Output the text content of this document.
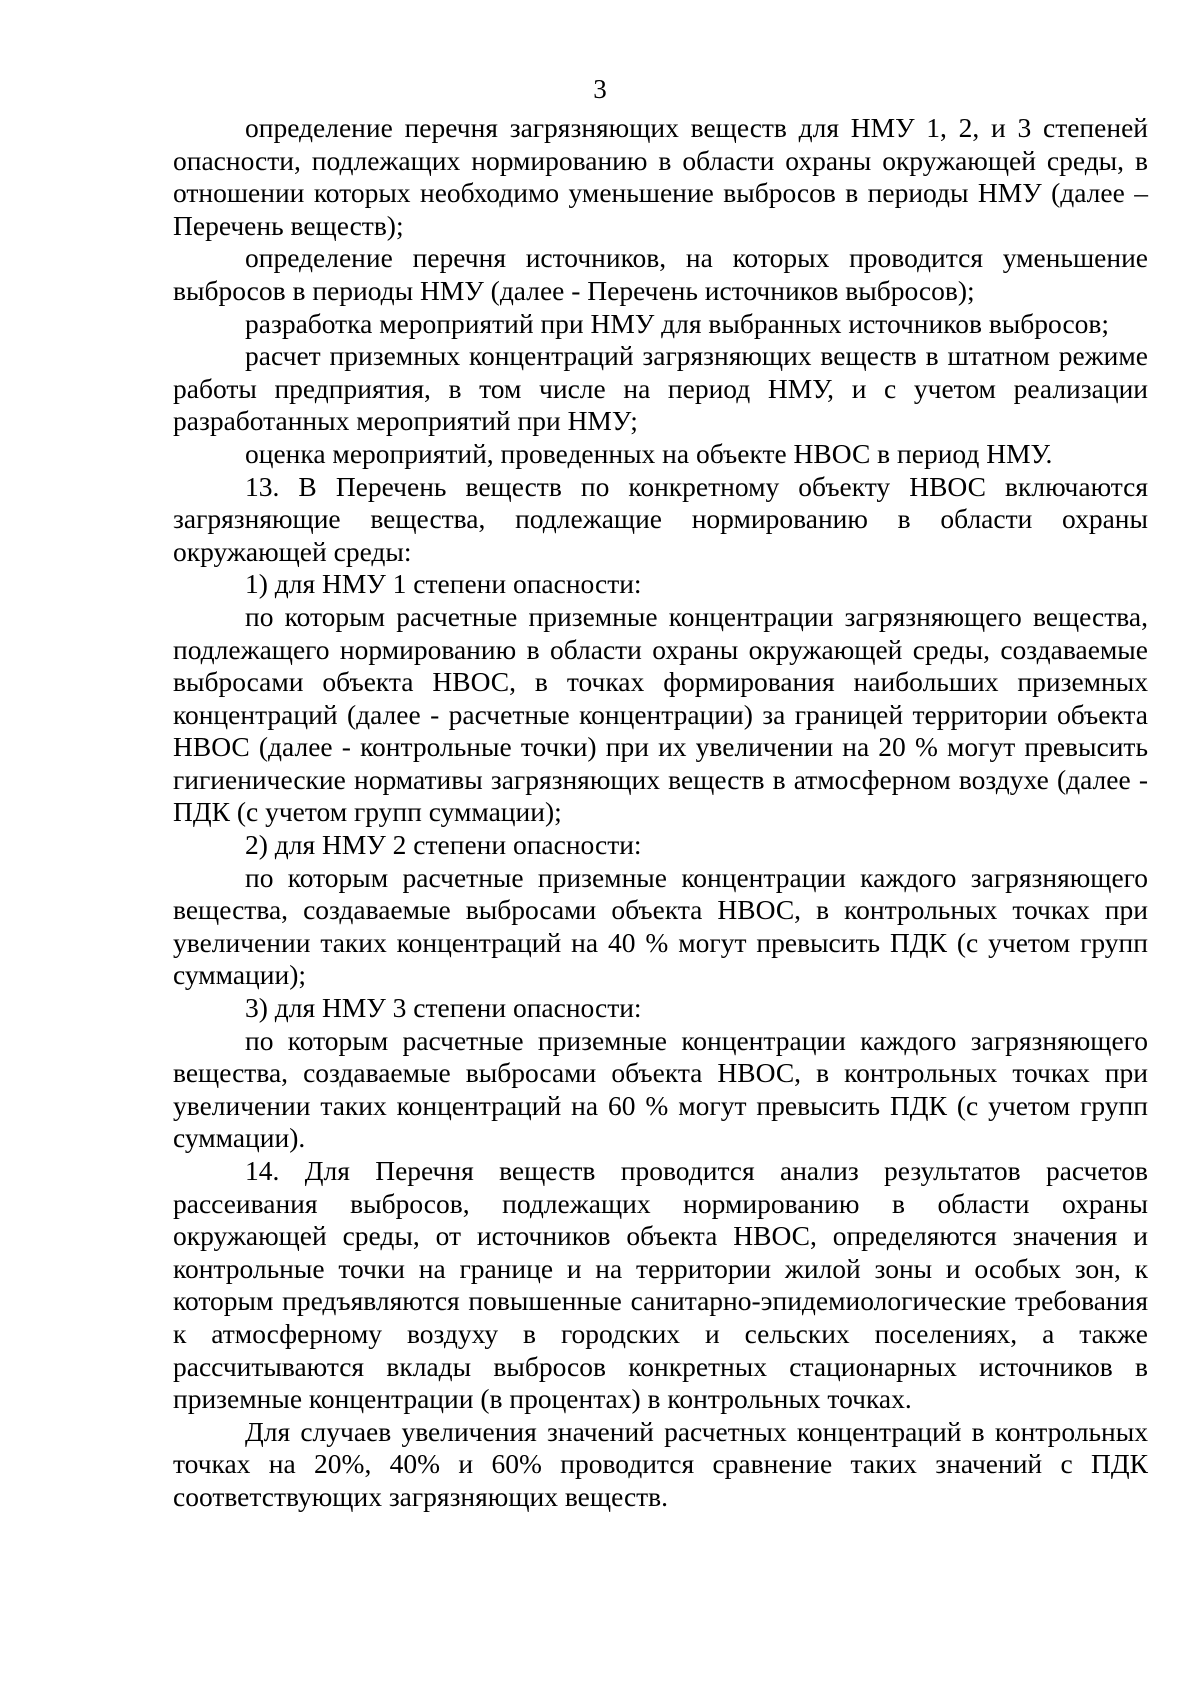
3

определение перечня загрязняющих веществ для НМУ 1, 2, и 3 степеней опасности, подлежащих нормированию в области охраны окружающей среды, в отношении которых необходимо уменьшение выбросов в периоды НМУ (далее – Перечень веществ);

определение перечня источников, на которых проводится уменьшение выбросов в периоды НМУ (далее - Перечень источников выбросов);

разработка мероприятий при НМУ для выбранных источников выбросов;

расчет приземных концентраций загрязняющих веществ в штатном режиме работы предприятия, в том числе на период НМУ, и с учетом реализации разработанных мероприятий при НМУ;

оценка мероприятий, проведенных на объекте НВОС в период НМУ.

13. В Перечень веществ по конкретному объекту НВОС включаются загрязняющие вещества, подлежащие нормированию в области охраны окружающей среды:

1) для НМУ 1 степени опасности:

по которым расчетные приземные концентрации загрязняющего вещества, подлежащего нормированию в области охраны окружающей среды, создаваемые выбросами объекта НВОС, в точках формирования наибольших приземных концентраций (далее - расчетные концентрации) за границей территории объекта НВОС (далее - контрольные точки) при их увеличении на 20 % могут превысить гигиенические нормативы загрязняющих веществ в атмосферном воздухе (далее - ПДК (с учетом групп суммации);

2) для НМУ 2 степени опасности:

по которым расчетные приземные концентрации каждого загрязняющего вещества, создаваемые выбросами объекта НВОС, в контрольных точках при увеличении таких концентраций на 40 % могут превысить ПДК (с учетом групп суммации);

3) для НМУ 3 степени опасности:

по которым расчетные приземные концентрации каждого загрязняющего вещества, создаваемые выбросами объекта НВОС, в контрольных точках при увеличении таких концентраций на 60 % могут превысить ПДК (с учетом групп суммации).

14. Для Перечня веществ проводится анализ результатов расчетов рассеивания выбросов, подлежащих нормированию в области охраны окружающей среды, от источников объекта НВОС, определяются значения и контрольные точки на границе и на территории жилой зоны и особых зон, к которым предъявляются повышенные санитарно-эпидемиологические требования к атмосферному воздуху в городских и сельских поселениях, а также рассчитываются вклады выбросов конкретных стационарных источников в приземные концентрации (в процентах) в контрольных точках.

Для случаев увеличения значений расчетных концентраций в контрольных точках на 20%, 40% и 60% проводится сравнение таких значений с ПДК соответствующих загрязняющих веществ.
